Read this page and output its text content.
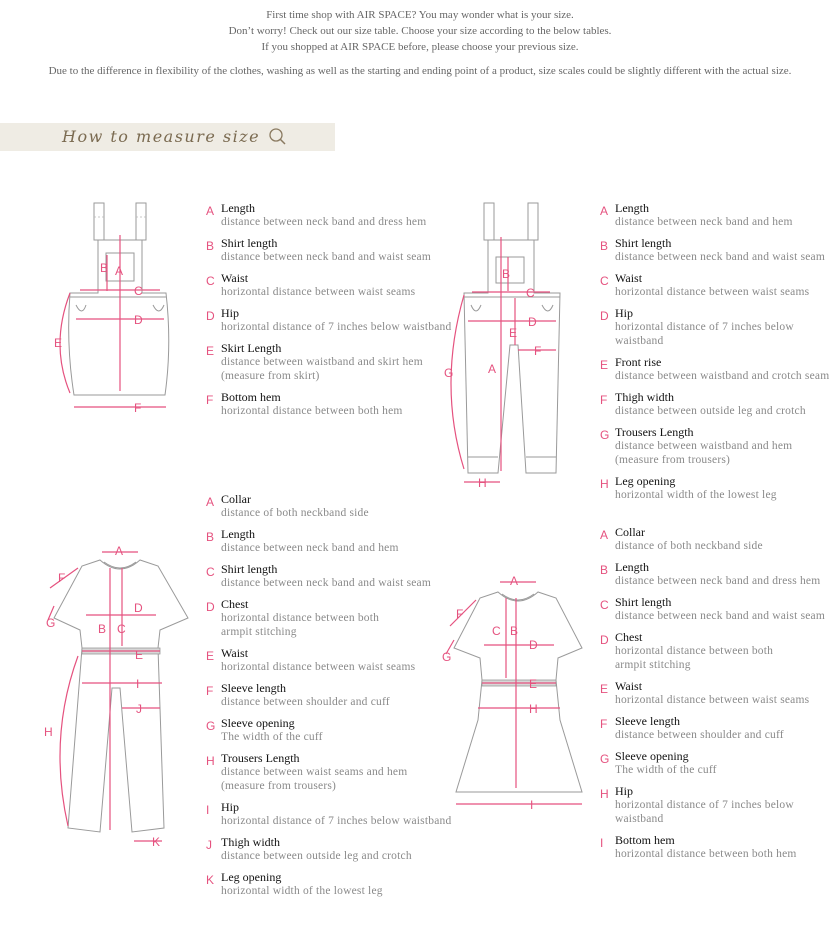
First time shop with AIR SPACE? You may wonder what is your size.
Don’t worry! Check out our size table. Choose your size according to the below tables.
If you shopped at AIR SPACE before, please choose your previous size.
Due to the difference in flexibility of the clothes, washing as well as the starting and ending point of a product, size scales could be slightly different with the actual size.
How to measure size
A
B
C
D
E
F
A Length
distance between neck band and dress hem
B Shirt length
distance between neck band and waist seam
C Waist
horizontal distance between waist seams
D Hip
horizontal distance of 7 inches below waistband
E Skirt Length
distance between waistband and skirt hem
(measure from skirt)
F Bottom hem
horizontal distance between both hem
A
B
C
D
E
F
G
H
A Length
distance between neck band and hem
B Shirt length
distance between neck band and waist seam
C Waist
horizontal distance between waist seams
D Hip
horizontal distance of 7 inches below waistband
E Front rise
distance between waistband and crotch seam
F Thigh width
distance between outside leg and crotch
G Trousers Length
distance between waistband and hem
(measure from trousers)
H Leg opening
horizontal width of the lowest leg
A
B C
D
E
F
G
H
I
J
K
A Collar
distance of both neckband side
B Length
distance between neck band and hem
C Shirt length
distance between neck band and waist seam
D Chest
horizontal distance between both
armpit stitching
E Waist
horizontal distance between waist seams
F Sleeve length
distance between shoulder and cuff
G Sleeve opening
The width of the cuff
H Trousers Length
distance between waist seams and hem
(measure from trousers)
I Hip
horizontal distance of 7 inches below waistband
J Thigh width
distance between outside leg and crotch
K Leg opening
horizontal width of the lowest leg
A
B
C
D
E
F
G
H
I
A Collar
distance of both neckband side
B Length
distance between neck band and dress hem
C Shirt length
distance between neck band and waist seam
D Chest
horizontal distance between both
armpit stitching
E Waist
horizontal distance between waist seams
F Sleeve length
distance between shoulder and cuff
G Sleeve opening
The width of the cuff
H Hip
horizontal distance of 7 inches below waistband
I Bottom hem
horizontal distance between both hem
